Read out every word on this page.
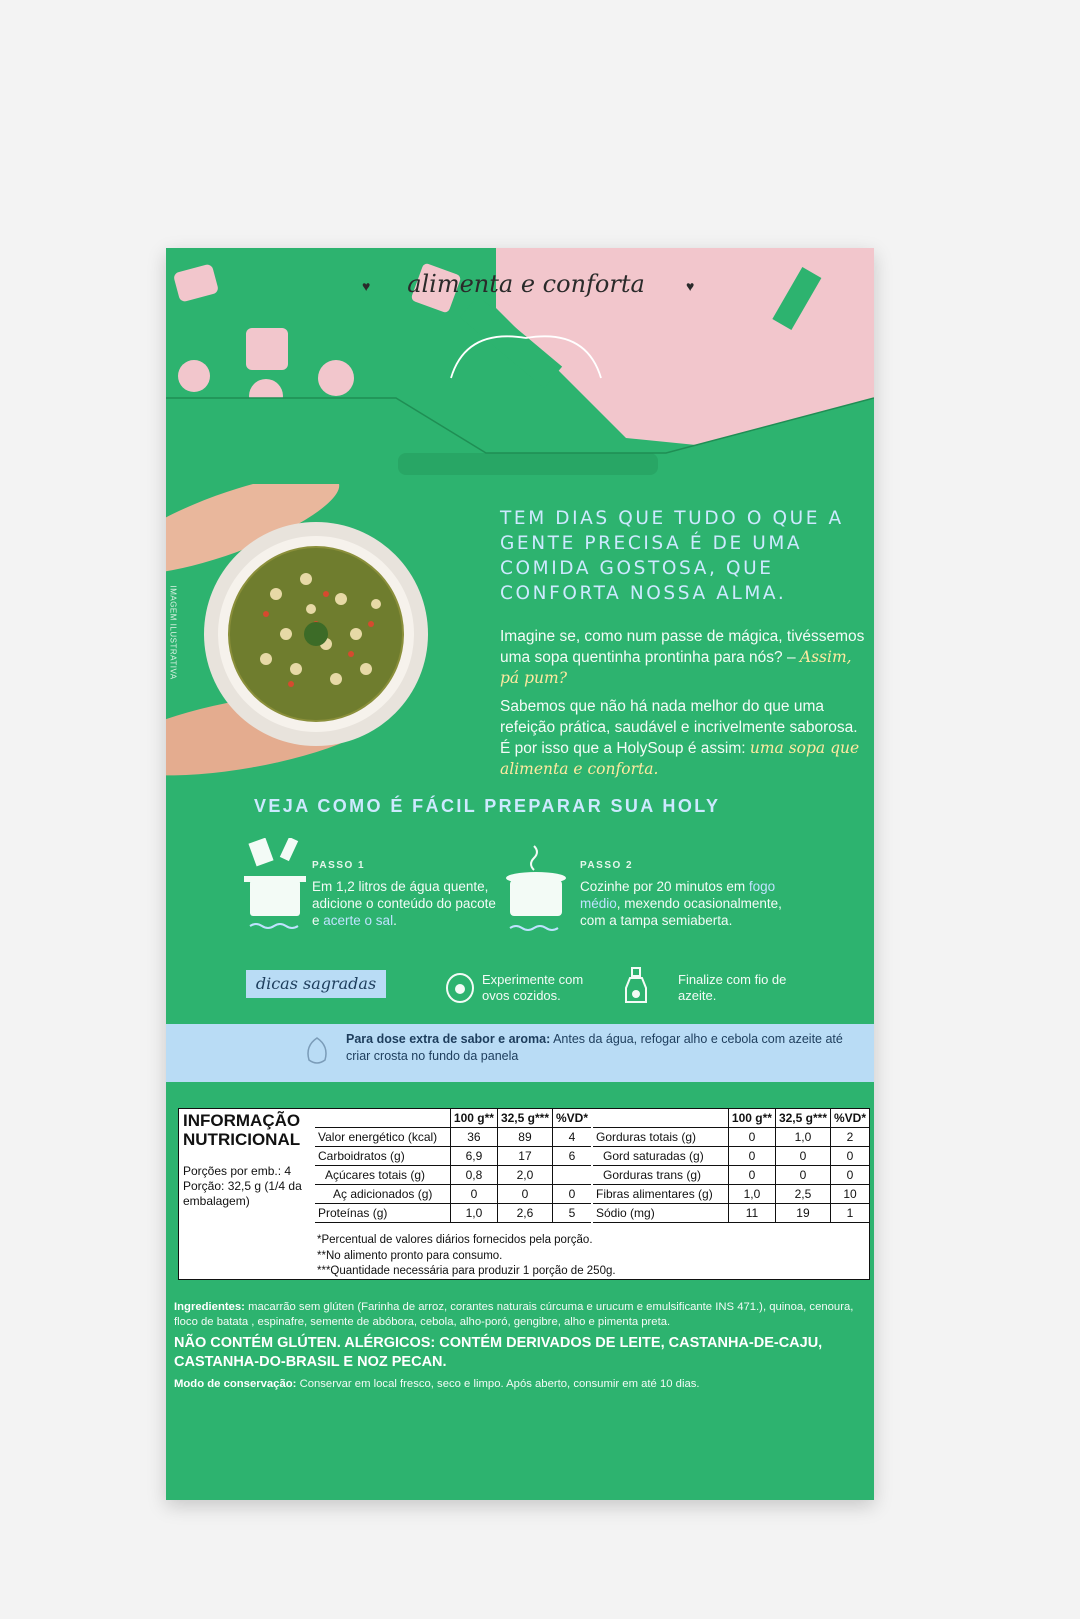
♥	alimenta e conforta	♥
IMAGEM ILUSTRATIVA
TEM DIAS QUE TUDO O QUE A GENTE PRECISA É DE UMA COMIDA GOSTOSA, QUE CONFORTA NOSSA ALMA.
Imagine se, como num passe de mágica, tivéssemos uma sopa quentinha prontinha para nós? – Assim, pá pum?
Sabemos que não há nada melhor do que uma refeição prática, saudável e incrivelmente saborosa. É por isso que a HolySoup é assim: uma sopa que alimenta e conforta.
VEJA COMO É FÁCIL PREPARAR SUA HOLY
PASSO 1
Em 1,2 litros de água quente, adicione o conteúdo do pacote e acerte o sal.
PASSO 2
Cozinhe por 20 minutos em fogo médio, mexendo ocasionalmente, com a tampa semiaberta.
dicas sagradas	Experimente com ovos cozidos.
Finalize com fio de azeite.
Para dose extra de sabor e aroma: Antes da água, refogar alho e cebola com azeite até criar crosta no fundo da panela
INFORMAÇÃO
NUTRICIONAL
Porções por emb.: 4
Porção: 32,5 g (1/4 da embalagem)
	100 g**	32,5 g***	%VD*
Valor energético (kcal)	36	89	4
Carboidratos (g)	6,9	17	6
Açúcares totais (g)	0,8	2,0	
Aç adicionados (g)	0	0	0
Proteínas (g)	1,0	2,6	5
	100 g**	32,5 g***	%VD*
Gorduras totais (g)	0	1,0	2
Gord saturadas (g)	0	0	0
Gorduras trans (g)	0	0	0
Fibras alimentares (g)	1,0	2,5	10
Sódio (mg)	11	19	1
*Percentual de valores diários fornecidos pela porção.
**No alimento pronto para consumo.
***Quantidade necessária para produzir 1 porção de 250g.
Ingredientes: macarrão sem glúten (Farinha de arroz, corantes naturais cúrcuma e urucum e emulsificante INS 471.), quinoa, cenoura, floco de batata , espinafre, semente de abóbora, cebola, alho-poró, gengibre, alho e pimenta preta.
NÃO CONTÉM GLÚTEN. ALÉRGICOS: CONTÉM DERIVADOS DE LEITE, CASTANHA-DE-CAJU, CASTANHA-DO-BRASIL E NOZ PECAN.
Modo de conservação: Conservar em local fresco, seco e limpo. Após aberto, consumir em até 10 dias.
